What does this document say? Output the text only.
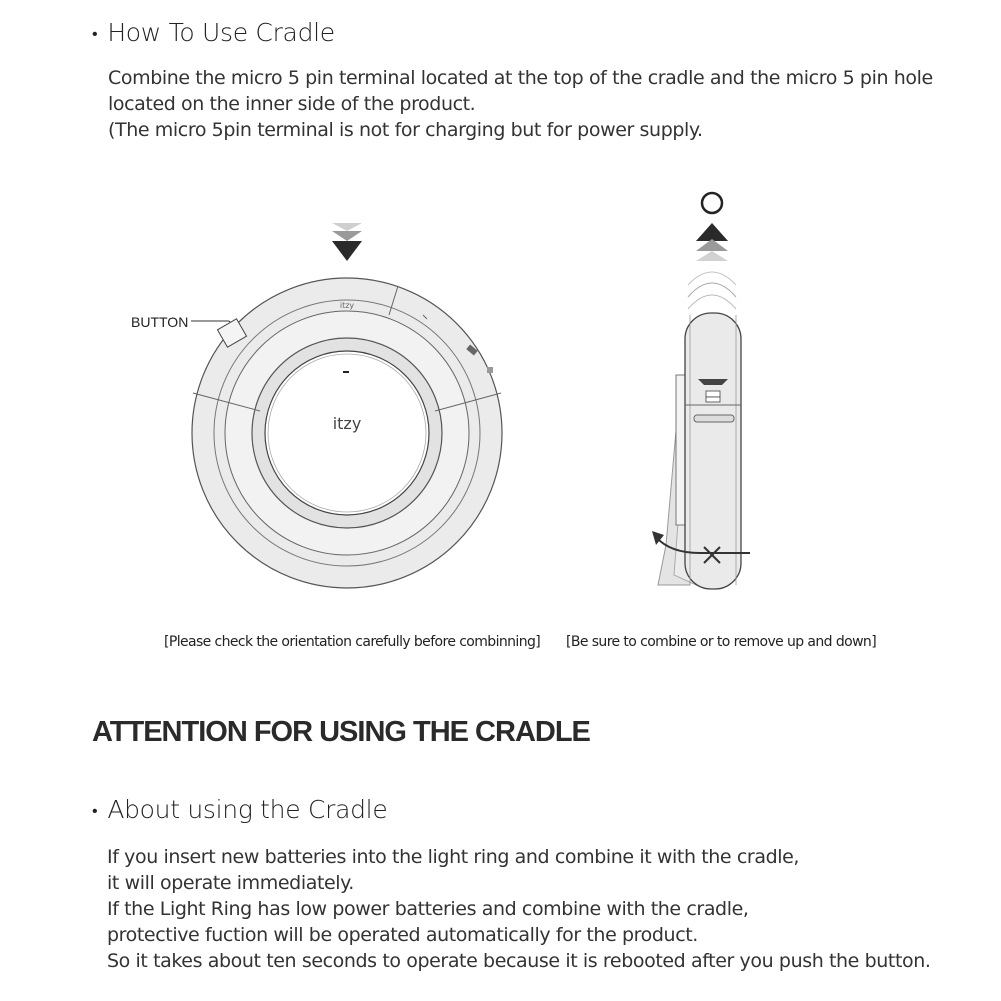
• How To Use Cradle
Combine the micro 5 pin terminal located at the top of the cradle and the micro 5 pin hole
located on the inner side of the product.
(The micro 5pin terminal is not for charging but for power supply.
BUTTON
itzy
itzy
[Please check the orientation carefully before combinning] [Be sure to combine or to remove up and down]
ATTENTION FOR USING THE CRADLE
• About using the Cradle
If you insert new batteries into the light ring and combine it with the cradle,
it will operate immediately.
If the Light Ring has low power batteries and combine with the cradle,
protective fuction will be operated automatically for the product.
So it takes about ten seconds to operate because it is rebooted after you push the button.
